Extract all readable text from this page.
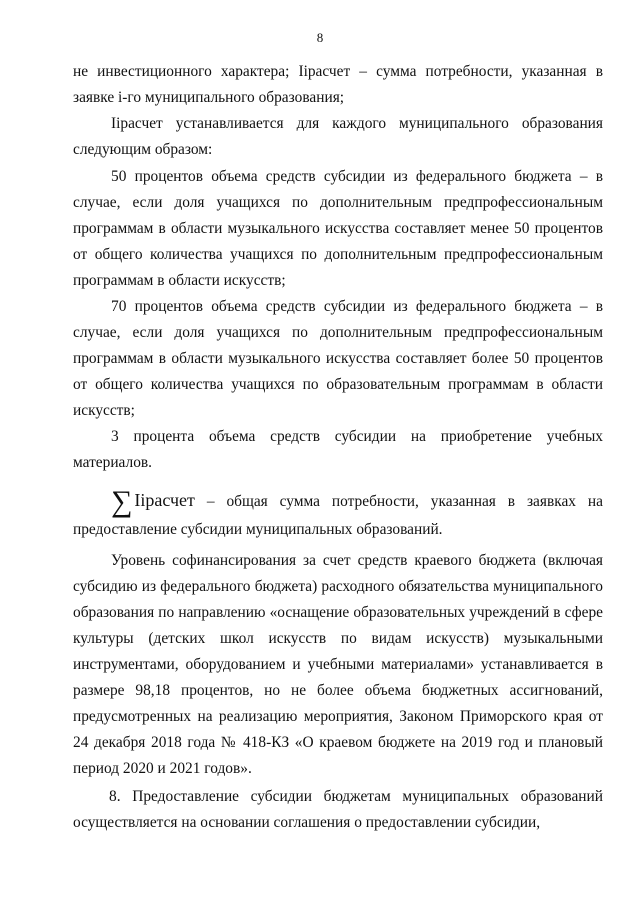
8

не инвестиционного характера; Iiрасчет – сумма потребности, указанная в заявке i-го муниципального образования;

Iiрасчет устанавливается для каждого муниципального образования следующим образом:

50 процентов объема средств субсидии из федерального бюджета – в случае, если доля учащихся по дополнительным предпрофессиональным программам в области музыкального искусства составляет менее 50 процентов от общего количества учащихся по дополнительным предпрофессиональным программам в области искусств;

70 процентов объема средств субсидии из федерального бюджета – в случае, если доля учащихся по дополнительным предпрофессиональным программам в области музыкального искусства составляет более 50 процентов от общего количества учащихся по образовательным программам в области искусств;

3 процента объема средств субсидии на приобретение учебных материалов.

∑ Iiрасчет – общая сумма потребности, указанная в заявках на предоставление субсидии муниципальных образований.

Уровень софинансирования за счет средств краевого бюджета (включая субсидию из федерального бюджета) расходного обязательства муниципального образования по направлению «оснащение образовательных учреждений в сфере культуры (детских школ искусств по видам искусств) музыкальными инструментами, оборудованием и учебными материалами» устанавливается в размере 98,18 процентов, но не более объема бюджетных ассигнований, предусмотренных на реализацию мероприятия, Законом Приморского края от 24 декабря 2018 года № 418-КЗ «О краевом бюджете на 2019 год и плановый период 2020 и 2021 годов».

8. Предоставление субсидии бюджетам муниципальных образований осуществляется на основании соглашения о предоставлении субсидии,
